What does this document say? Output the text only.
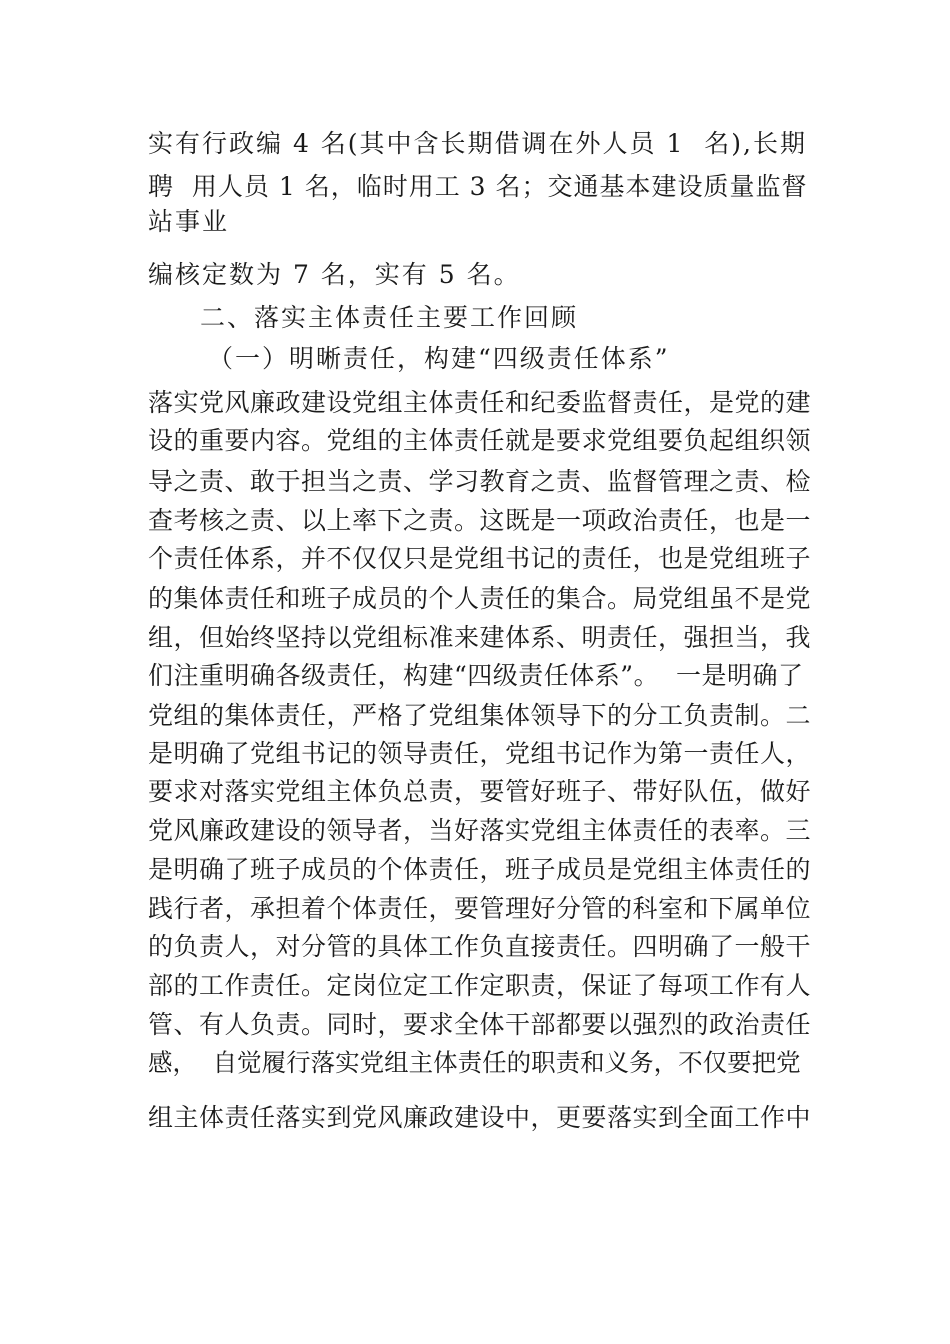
实有行政编 4 名(其中含长期借调在外人员 1  名),长期
聘  用人员 1 名，临时用工 3 名；交通基本建设质量监督
站事业
编核定数为 7 名，实有 5 名。
二、落实主体责任主要工作回顾
（一）明晰责任，构建“四级责任体系”
落实党风廉政建设党组主体责任和纪委监督责任，是党的建
设的重要内容。党组的主体责任就是要求党组要负起组织领
导之责、敢于担当之责、学习教育之责、监督管理之责、检
查考核之责、以上率下之责。这既是一项政治责任，也是一
个责任体系，并不仅仅只是党组书记的责任，也是党组班子
的集体责任和班子成员的个人责任的集合。局党组虽不是党
组，但始终坚持以党组标准来建体系、明责任，强担当，我
们注重明确各级责任，构建“四级责任体系”。  一是明确了
党组的集体责任，严格了党组集体领导下的分工负责制。二
是明确了党组书记的领导责任，党组书记作为第一责任人，
要求对落实党组主体负总责，要管好班子、带好队伍，做好
党风廉政建设的领导者，当好落实党组主体责任的表率。三
是明确了班子成员的个体责任，班子成员是党组主体责任的
践行者，承担着个体责任，要管理好分管的科室和下属单位
的负责人，对分管的具体工作负直接责任。四明确了一般干
部的工作责任。定岗位定工作定职责，保证了每项工作有人
管、有人负责。同时，要求全体干部都要以强烈的政治责任
感，  自觉履行落实党组主体责任的职责和义务，不仅要把党
组主体责任落实到党风廉政建设中，更要落实到全面工作中
